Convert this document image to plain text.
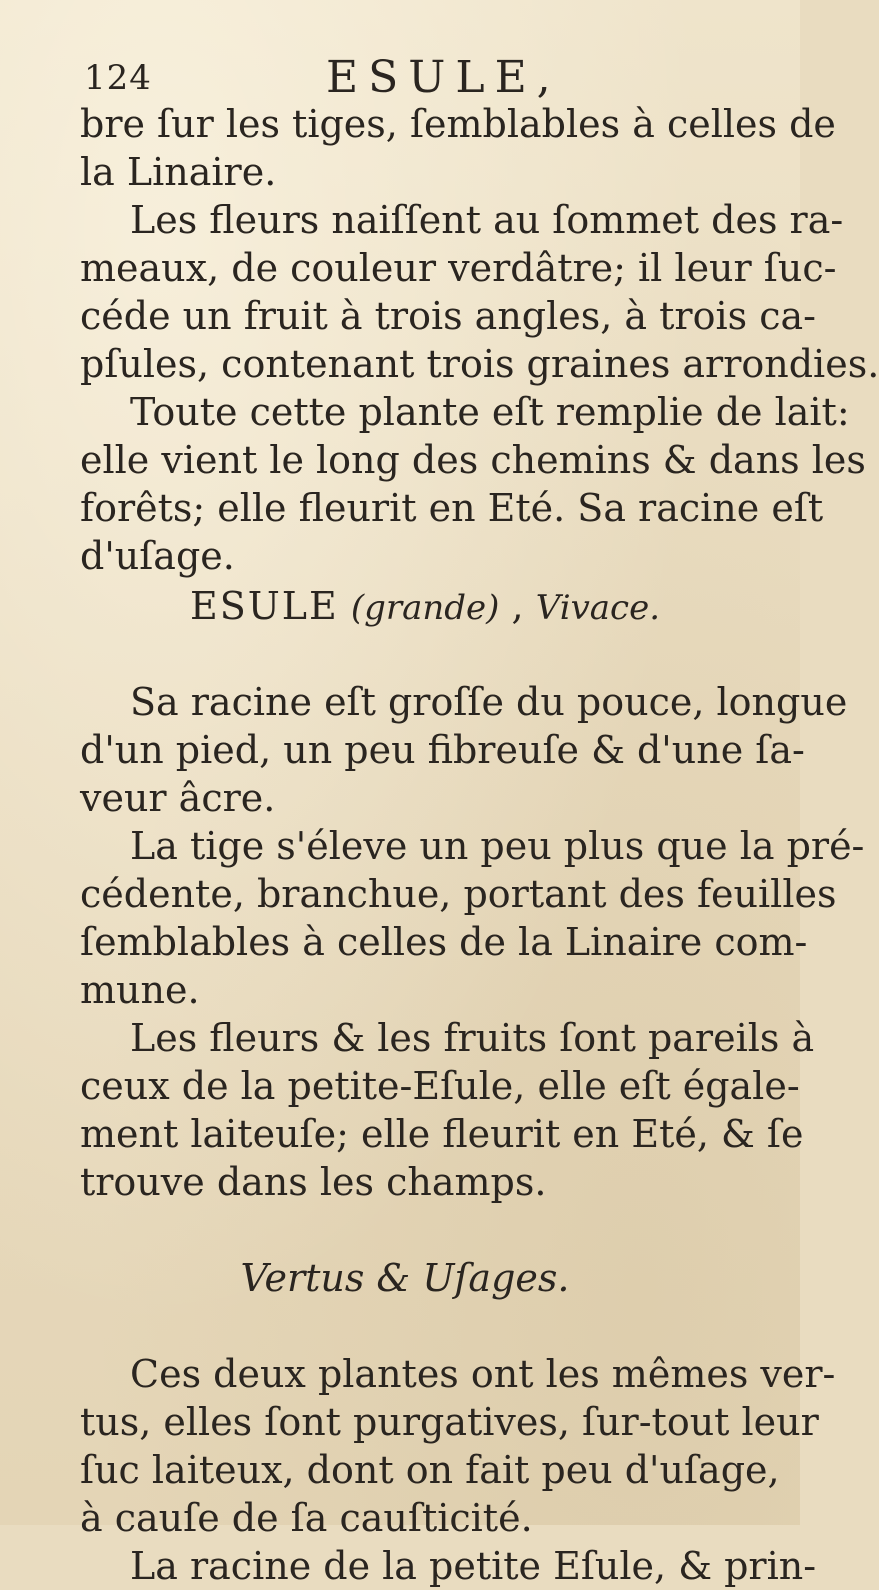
124	ESULE,
bre ſur les tiges, ſemblables à celles de
la Linaire.
Les fleurs naiſſent au ſommet des ra-
meaux, de couleur verdâtre; il leur ſuc-
céde un fruit à trois angles, à trois ca-
pſules, contenant trois graines arrondies.
Toute cette plante eſt remplie de lait:
elle vient le long des chemins & dans les
forêts; elle fleurit en Eté. Sa racine eſt
d'uſage.
ESULE (grande) , Vivace.
Sa racine eſt groſſe du pouce, longue
d'un pied, un peu fibreuſe & d'une ſa-
veur âcre.
La tige s'éleve un peu plus que la pré-
cédente, branchue, portant des feuilles
ſemblables à celles de la Linaire com-
mune.
Les fleurs & les fruits ſont pareils à
ceux de la petite-Eſule, elle eſt égale-
ment laiteuſe; elle fleurit en Eté, & ſe
trouve dans les champs.
Vertus & Uſages.
Ces deux plantes ont les mêmes ver-
tus, elles ſont purgatives, ſur-tout leur
ſuc laiteux, dont on fait peu d'uſage,
à cauſe de ſa cauſticité.
La racine de la petite Eſule, & prin-
